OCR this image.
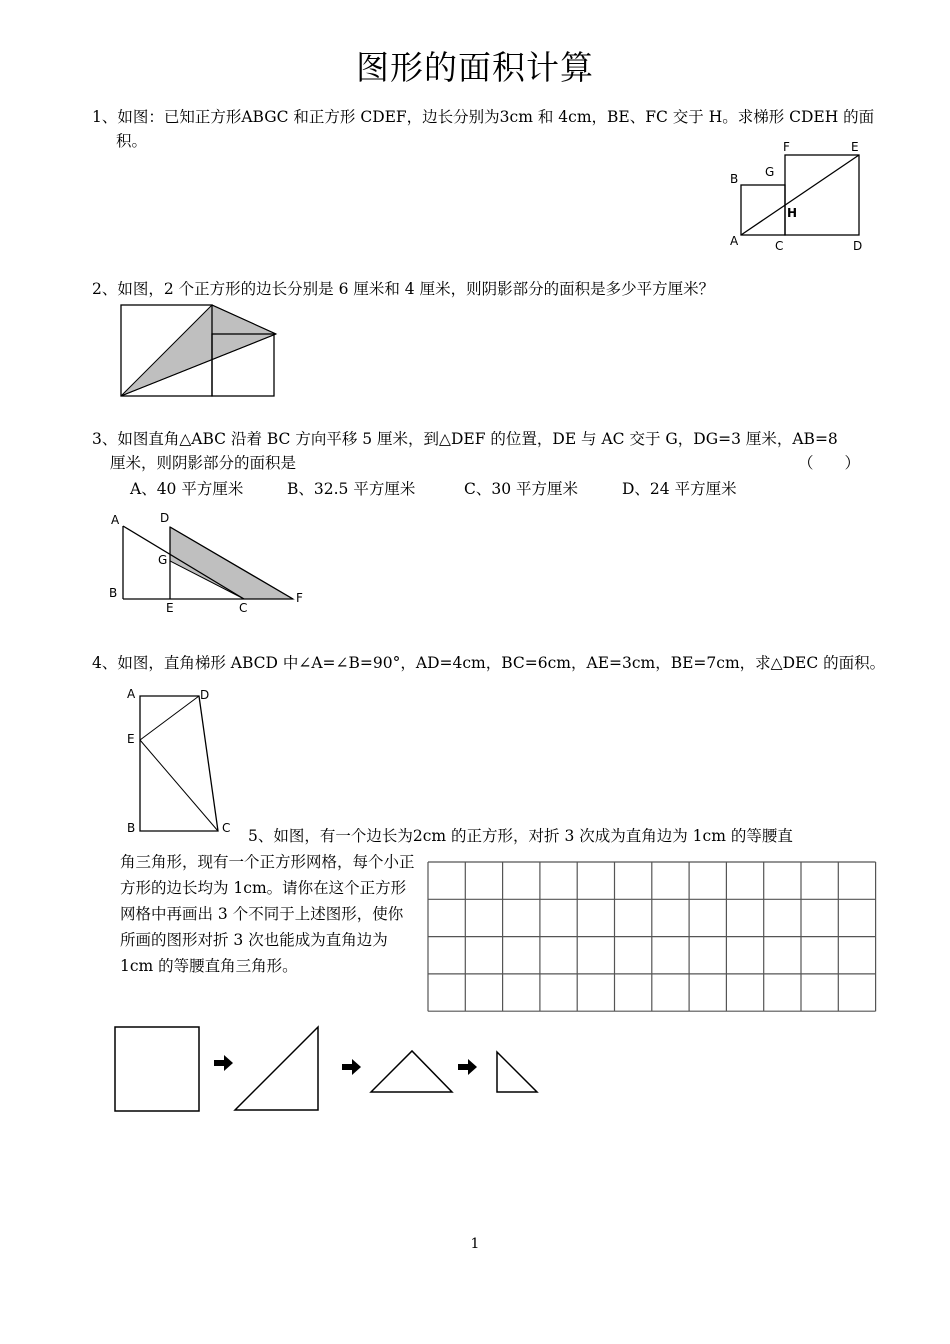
图形的面积计算
1、如图：已知正方形ABGC 和正方形 CDEF，边长分别为3cm 和 4cm，BE、FC 交于 H。求梯形 CDEH 的面
积。	F	E
B G
H
A	C	D
2、如图，2 个正方形的边长分别是 6 厘米和 4 厘米，则阴影部分的面积是多少平方厘米？
3、如图直角△ABC 沿着 BC 方向平移 5 厘米，到△DEF 的位置，DE 与 AC 交于 G，DG=3 厘米，AB=8
厘米，则阴影部分的面积是	（　　）
A、40 平方厘米	B、32.5 平方厘米	C、30 平方厘米	D、24 平方厘米
A	D
G
B
E	C
F
4、如图，直角梯形 ABCD 中∠A=∠B=90°，AD=4cm，BC=6cm，AE=3cm，BE=7cm，求△DEC 的面积。
A	D
E
B	C 5、如图，有一个边长为2cm 的正方形，对折 3 次成为直角边为 1cm 的等腰直
角三角形，现有一个正方形网格，每个小正方形的边长均为 1cm。请你在这个正方形网格中再画出 3 个不同于上述图形，使你所画的图形对折 3 次也能成为直角边为 1cm 的等腰直角三角形。
1
